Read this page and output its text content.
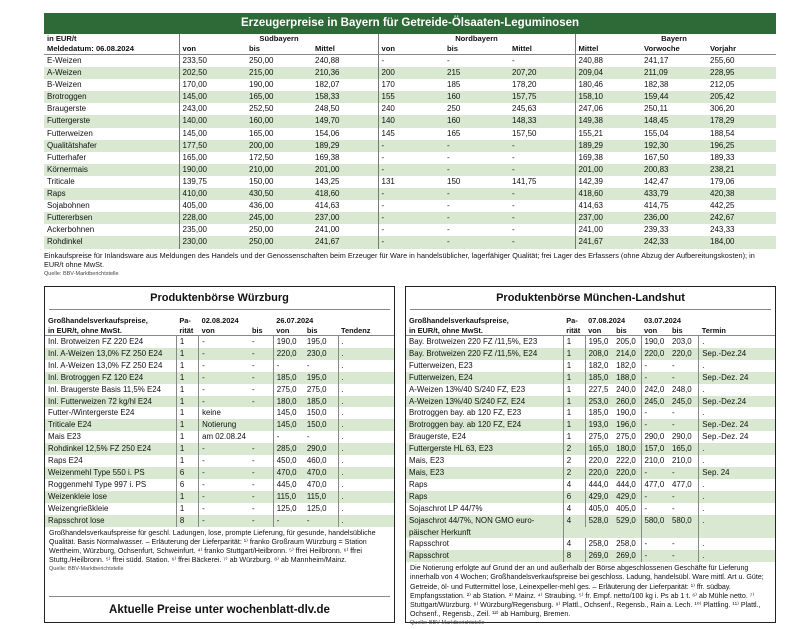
Erzeugerpreise in Bayern für Getreide-Ölsaaten-Leguminosen
in EUR/t		Südbayern			Nordbayern			Bayern	
Meldedatum: 06.08.2024	von	bis	Mittel	von	bis	Mittel	Mittel	Vorwoche	Vorjahr
E-Weizen	233,50	250,00	240,88	-	-	-	240,88	241,17	255,60
A-Weizen	202,50	215,00	210,36	200	215	207,20	209,04	211,09	228,95
B-Weizen	170,00	190,00	182,07	170	185	178,20	180,46	182,38	212,05
Brotroggen	145,00	165,00	158,33	155	160	157,75	158,10	159,44	205,42
Braugerste	243,00	252,50	248,50	240	250	245,63	247,06	250,11	306,20
Futtergerste	140,00	160,00	149,70	140	160	148,33	149,38	148,45	178,29
Futterweizen	145,00	165,00	154,06	145	165	157,50	155,21	155,04	188,54
Qualitätshafer	177,50	200,00	189,29	-	-	-	189,29	192,30	196,25
Futterhafer	165,00	172,50	169,38	-	-	-	169,38	167,50	189,33
Körnermais	190,00	210,00	201,00	-	-	-	201,00	200,83	238,21
Triticale	139,75	150,00	143,25	131	150	141,75	142,39	142,47	179,06
Raps	410,00	430,50	418,60	-	-	-	418,60	433,79	420,38
Sojabohnen	405,00	436,00	414,63	-	-	-	414,63	414,75	442,25
Futtererbsen	228,00	245,00	237,00	-	-	-	237,00	236,00	242,67
Ackerbohnen	235,00	250,00	241,00	-	-	-	241,00	239,33	243,33
Rohdinkel	230,00	250,00	241,67	-	-	-	241,67	242,33	184,00
Einkaufspreise für Inlandsware aus Meldungen des Handels und der Genossenschaften beim Erzeuger für Ware in handelsüblicher, lagerfähiger Qualität; frei Lager des Erfassers (ohne Abzug der Aufbereitungskosten); in EUR/t ohne MwSt.
Quelle: BBV-Marktberichtstelle
Produktenbörse Würzburg
Großhandelsverkaufspreise,	Pa-	02.08.2024		26.07.2024		
in EUR/t, ohne MwSt.	rität	von	bis	von	bis	Tendenz
Inl. Brotweizen FZ 220 E24	1	-	-	190,0	195,0	.
Inl. A-Weizen 13,0% FZ 250 E24	1	-	-	220,0	230,0	.
Inl. A-Weizen 13,0% FZ 250 E24	1	-	-	-	-	.
Inl. Brotroggen FZ 120 E24	1	-	-	185,0	195,0	.
Inl. Braugerste Basis 11,5% E24	1	-	-	275,0	275,0	.
Inl. Futterweizen 72 kg/hl E24	1	-	-	180,0	185,0	.
Futter-/Wintergerste E24	1	keine		145,0	150,0	.
Triticale E24	1	Notierung		145,0	150,0	.
Mais E23	1	am 02.08.24		-	-	.
Rohdinkel 12,5% FZ 250 E24	1	-	-	285,0	290,0	.
Raps E24	1	-	-	450,0	460,0	.
Weizenmehl Type 550 i. PS	6	-	-	470,0	470,0	.
Roggenmehl Type 997 i. PS	6	-	-	445,0	470,0	.
Weizenkleie lose	1	-	-	115,0	115,0	.
Weizengrießkleie	1	-	-	125,0	125,0	.
Rapsschrot lose	8	-	-	-	-	.
Großhandelsverkaufspreise für geschl. Ladungen, lose, prompte Lieferung, für gesunde, handelsübliche Qualität. Basis Normalwasser. – Erläuterung der Lieferparität: ¹⁾ franko Großraum Würzburg = Station Wertheim, Würzburg, Ochsenfurt, Schweinfurt. ⁴⁾ franko Stuttgart/Heilbronn. ⁵⁾ ffrei Heilbronn. ⁶⁾ ffrei Stuttg./Heilbronn. ⁵⁾ ffrei südd. Station. ⁶⁾ ffrei Bäckerei. ⁷⁾ ab Würzburg. ⁸⁾ ab Mannheim/Mainz.
Quelle: BBV-Marktberichtstelle
Aktuelle Preise unter wochenblatt-dlv.de
Produktenbörse München-Landshut
Großhandelsverkaufspreise,	Pa-	07.08.2024		03.07.2024		
in EUR/t, ohne MwSt.	rität	von	bis	von	bis	Termin
Bay. Brotweizen 220 FZ /11,5%, E23	1	195,0	205,0	190,0	203,0	.
Bay. Brotweizen 220 FZ /11,5%, E24	1	208,0	214,0	220,0	220,0	Sep.-Dez.24
Futterweizen, E23	1	182,0	182,0	-	-	.
Futterweizen, E24	1	185,0	188,0	-	-	Sep.-Dez. 24
A-Weizen 13%/40 S/240 FZ, E23	1	227,5	240,0	242,0	248,0	.
A-Weizen 13%/40 S/240 FZ, E24	1	253,0	260,0	245,0	245,0	Sep.-Dez.24
Brotroggen bay. ab 120 FZ, E23	1	185,0	190,0	-	-	.
Brotroggen bay. ab 120 FZ, E24	1	193,0	196,0	-	-	Sep.-Dez. 24
Braugerste, E24	1	275,0	275,0	290,0	290,0	Sep.-Dez. 24
Futtergerste HL 63, E23	2	165,0	180,0	157,0	165,0	.
Mais, E23	2	220,0	222,0	210,0	210,0	.
Mais, E23	2	220,0	220,0	-	-	Sep. 24
Raps	4	444,0	444,0	477,0	477,0	.
Raps	6	429,0	429,0	-	-	.
Sojaschrot LP 44/7%	4	405,0	405,0	-	-	.
Sojaschrot 44/7%, NON GMO euro-	4	528,0	529,0	580,0	580,0	.
päischer Herkunft						
Rapsschrot	4	258,0	258,0	-	-	.
Rapsschrot	8	269,0	269,0	-	-	.
Die Notierung erfolgte auf Grund der an und außerhalb der Börse abgeschlossenen Geschäfte für Lieferung innerhalb von 4 Wochen; Großhandelsverkaufspreise bei geschloss. Ladung, handelsübl. Ware mittl. Art u. Güte; Getreide, öl- und Futtermittel lose, Leinexpeller-mehl ges. – Erläuterung der Lieferparität: ¹⁾ ffr. südbay. Empfangsstation. ²⁾ ab Station. ³⁾ Mainz. ⁴⁾ Straubing. ⁵⁾ fr. Empf. netto/100 kg i. Ps ab 1 t. ⁶⁾ ab Mühle netto. ⁷⁾ Stuttgart/Würzburg. ⁸⁾ Würzburg/Regensburg. ⁹⁾ Plattl., Ochsenf., Regensb., Rain a. Lech. ¹⁰⁾ Plattling. ¹¹⁾ Plattl., Ochsenf., Regensb., Zeil. ¹²⁾ ab Hamburg, Bremen.
Quelle: BBV-Marktberichtstelle
